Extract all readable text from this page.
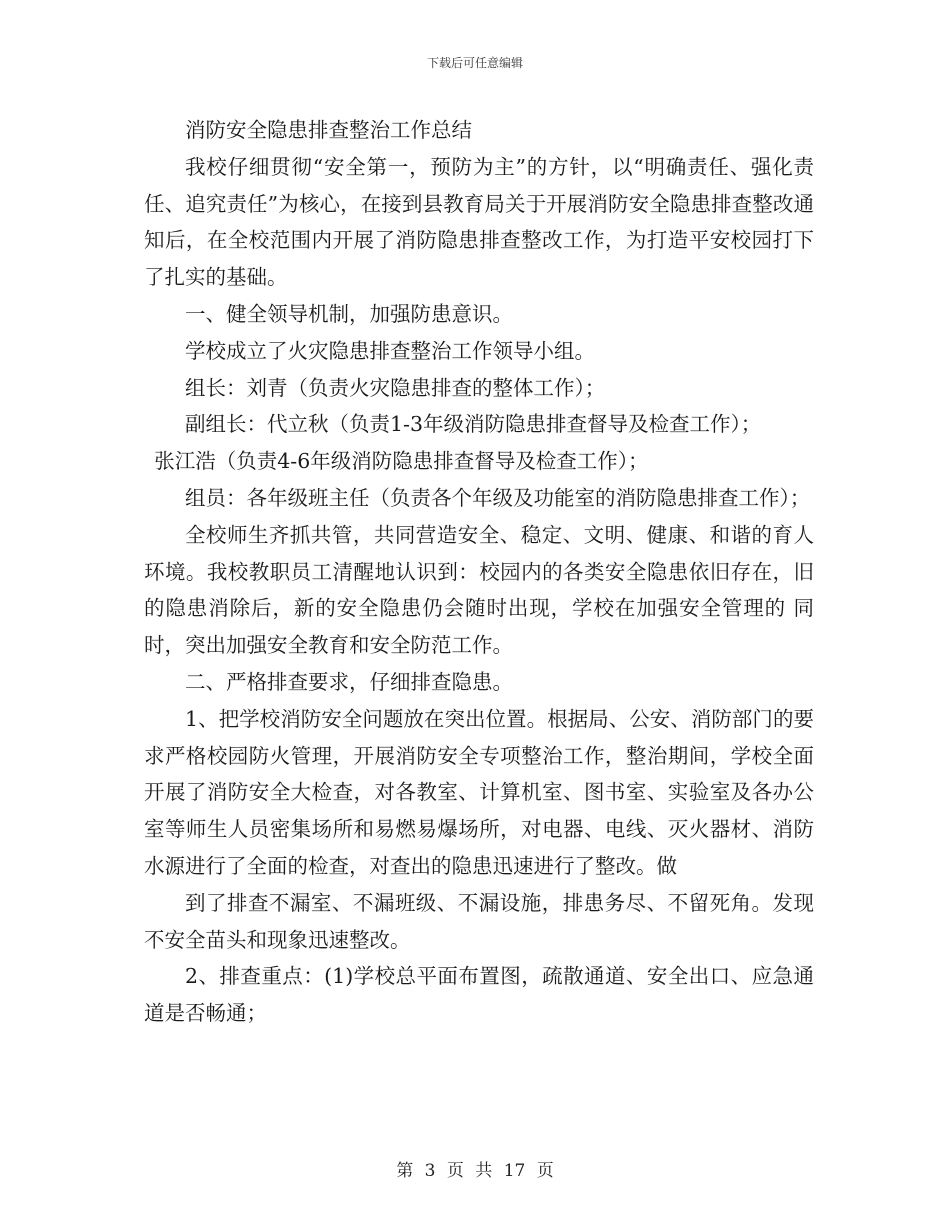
下载后可任意编辑

消防安全隐患排查整治工作总结

我校仔细贯彻“安全第一，预防为主”的方针，以“明确责任、强化责任、追究责任”为核心，在接到县教育局关于开展消防安全隐患排查整改通知后，在全校范围内开展了消防隐患排查整改工作，为打造平安校园打下了扎实的基础。

一、健全领导机制，加强防患意识。

学校成立了火灾隐患排查整治工作领导小组。

组长：刘青（负责火灾隐患排查的整体工作）；

副组长：代立秋（负责1-3年级消防隐患排查督导及检查工作）；

张江浩（负责4-6年级消防隐患排查督导及检查工作）；

组员：各年级班主任（负责各个年级及功能室的消防隐患排查工作）；

全校师生齐抓共管，共同营造安全、稳定、文明、健康、和谐的育人环境。我校教职员工清醒地认识到：校园内的各类安全隐患依旧存在，旧的隐患消除后，新的安全隐患仍会随时出现，学校在加强安全管理的 同时，突出加强安全教育和安全防范工作。

二、严格排查要求，仔细排查隐患。

1、把学校消防安全问题放在突出位置。根据局、公安、消防部门的要求严格校园防火管理，开展消防安全专项整治工作，整治期间，学校全面开展了消防安全大检查，对各教室、计算机室、图书室、实验室及各办公室等师生人员密集场所和易燃易爆场所，对电器、电线、灭火器材、消防水源进行了全面的检查，对查出的隐患迅速进行了整改。做

到了排查不漏室、不漏班级、不漏设施，排患务尽、不留死角。发现不安全苗头和现象迅速整改。

2、排查重点：(1)学校总平面布置图，疏散通道、安全出口、应急通道是否畅通；

第 3 页 共 17 页
